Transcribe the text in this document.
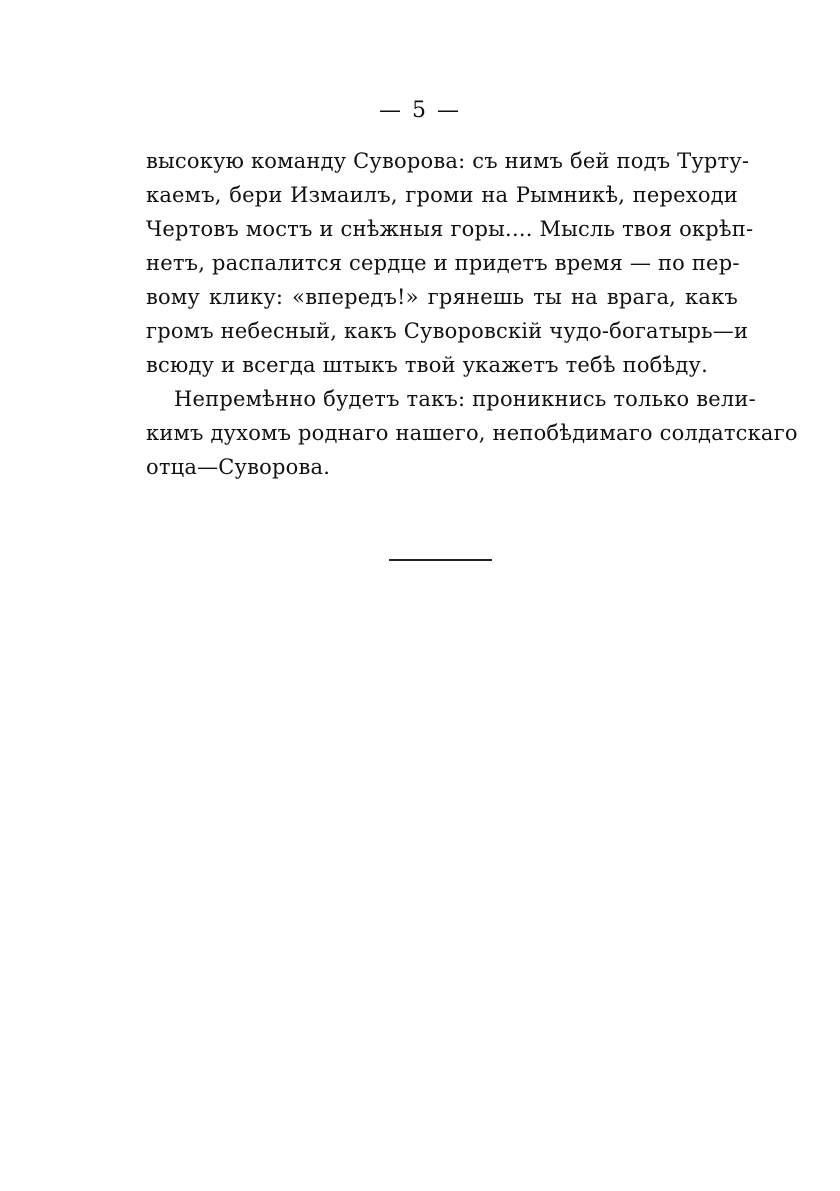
— 5 —
высокую команду Суворова: съ нимъ бей подъ Турту-
каемъ, бери Измаилъ, громи на Рымникѣ, переходи
Чертовъ мостъ и снѣжныя горы.... Мысль твоя окрѣп-
нетъ, распалится сердце и придетъ время — по пер-
вому клику: «впередъ!» грянешь ты на врага, какъ
громъ небесный, какъ Суворовскій чудо-богатырь—и
всюду и всегда штыкъ твой укажетъ тебѣ побѣду.
Непремѣнно будетъ такъ: проникнись только вели-
кимъ духомъ роднаго нашего, непобѣдимаго солдатскаго
отца—Суворова.
